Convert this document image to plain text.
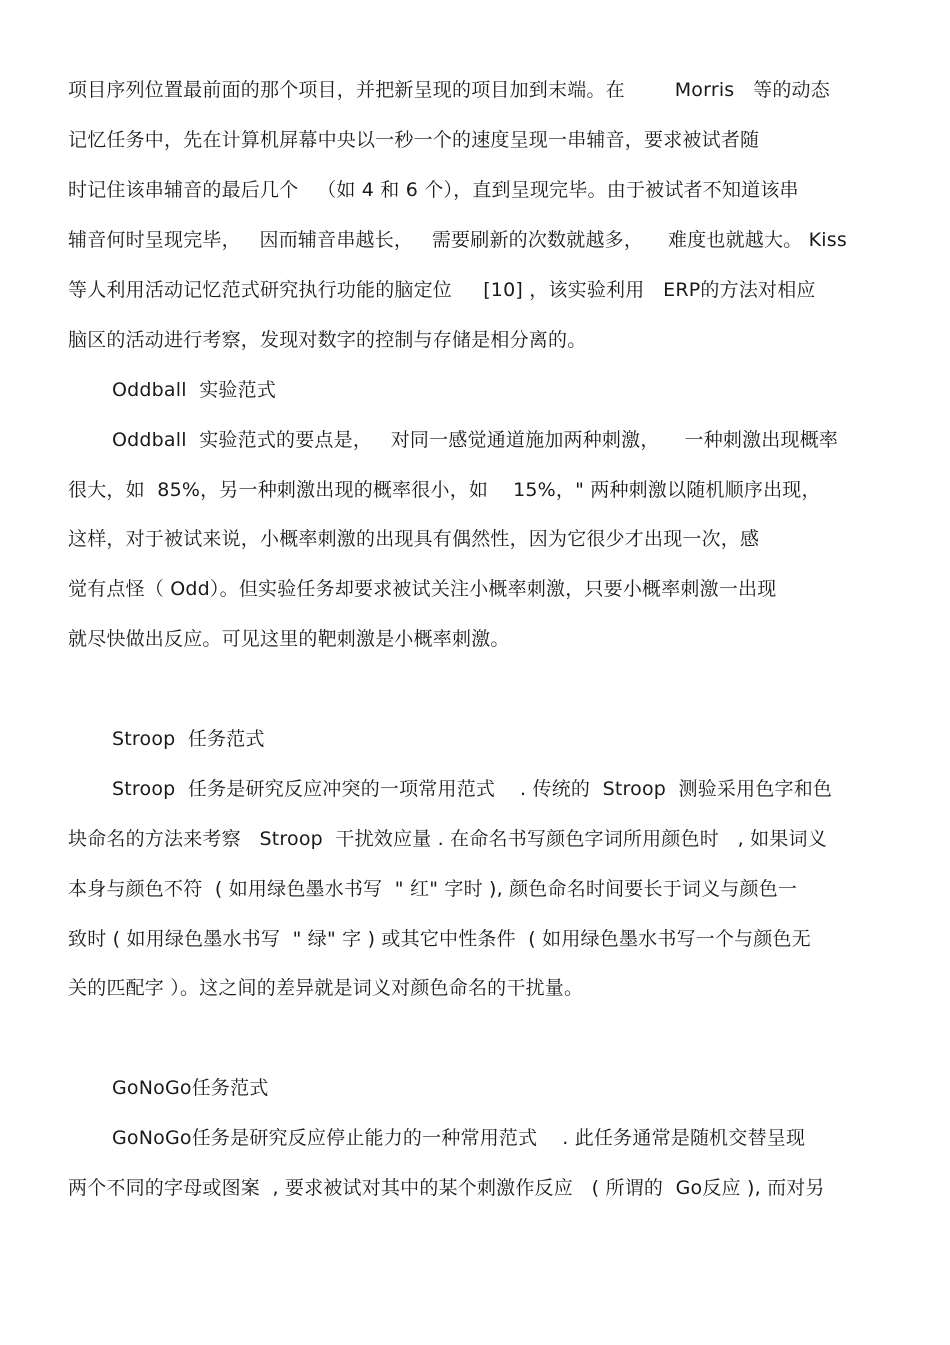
项目序列位置最前面的那个项目，并把新呈现的项目加到末端。在        Morris   等的动态
记忆任务中，先在计算机屏幕中央以一秒一个的速度呈现一串辅音，要求被试者随
时记住该串辅音的最后几个   （如 4 和 6 个），直到呈现完毕。由于被试者不知道该串
辅音何时呈现完毕，   因而辅音串越长，   需要刷新的次数就越多，    难度也就越大。 Kiss
等人利用活动记忆范式研究执行功能的脑定位     [10] ，该实验利用   ERP的方法对相应
脑区的活动进行考察，发现对数字的控制与存储是相分离的。
Oddball  实验范式
Oddball  实验范式的要点是，   对同一感觉通道施加两种刺激，    一种刺激出现概率
很大，如  85%，另一种刺激出现的概率很小，如    15%，" 两种刺激以随机顺序出现，
这样，对于被试来说，小概率刺激的出现具有偶然性，因为它很少才出现一次，感
觉有点怪（ Odd）。但实验任务却要求被试关注小概率刺激，只要小概率刺激一出现
就尽快做出反应。可见这里的靶刺激是小概率刺激。
Stroop  任务范式
Stroop  任务是研究反应冲突的一项常用范式    . 传统的  Stroop  测验采用色字和色
块命名的方法来考察   Stroop  干扰效应量 . 在命名书写颜色字词所用颜色时   , 如果词义
本身与颜色不符  ( 如用绿色墨水书写  " 红" 字时 ), 颜色命名时间要长于词义与颜色一
致时 ( 如用绿色墨水书写  " 绿" 字 ) 或其它中性条件  ( 如用绿色墨水书写一个与颜色无
关的匹配字 ）。这之间的差异就是词义对颜色命名的干扰量。
GoNoGo任务范式
GoNoGo任务是研究反应停止能力的一种常用范式    . 此任务通常是随机交替呈现
两个不同的字母或图案  , 要求被试对其中的某个刺激作反应   ( 所谓的  Go反应 ), 而对另
